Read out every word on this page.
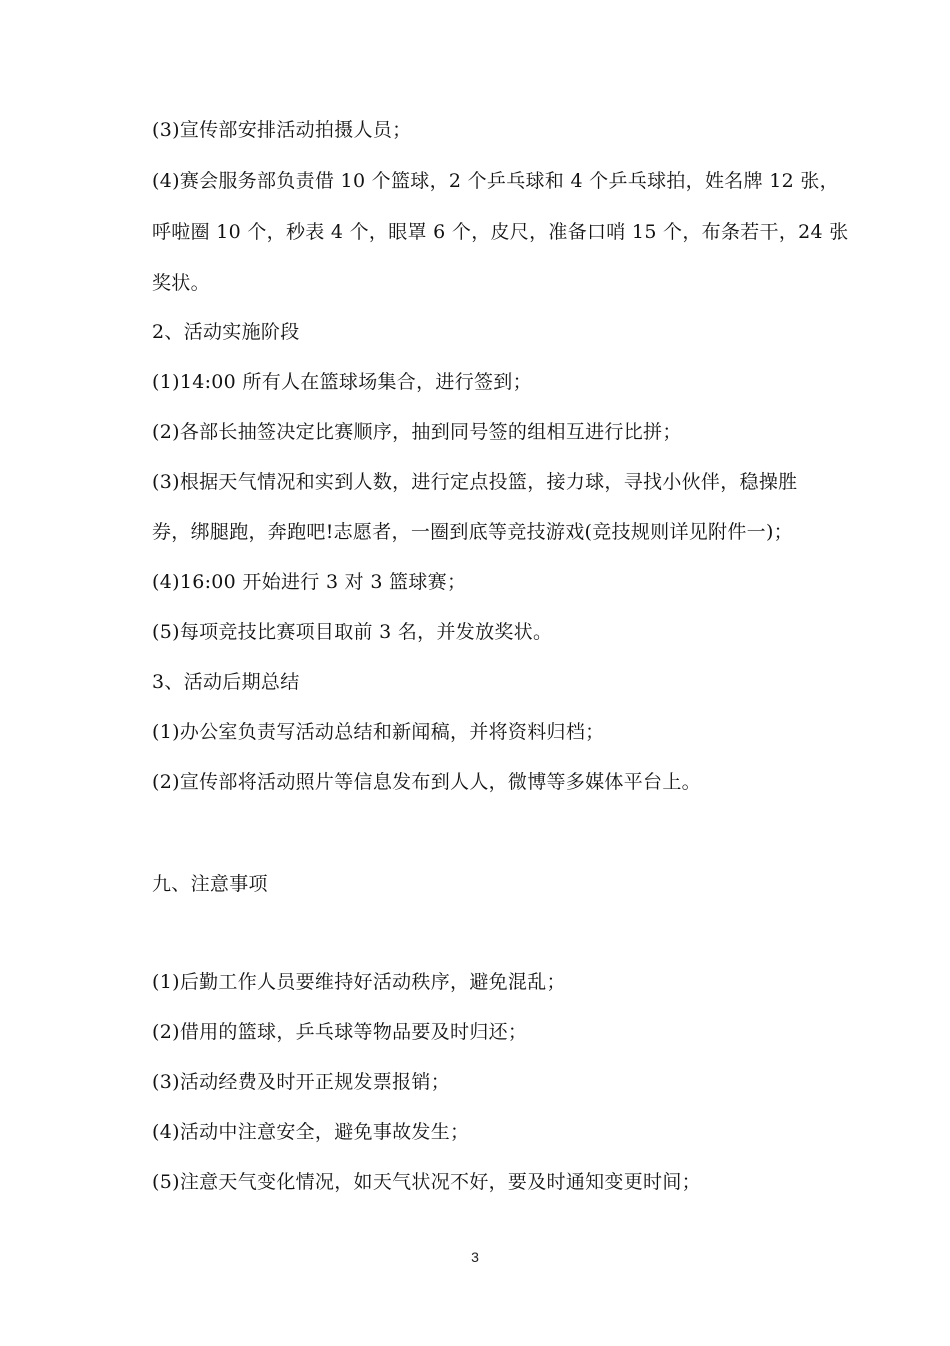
(3)宣传部安排活动拍摄人员；
(4)赛会服务部负责借 10 个篮球，2 个乒乓球和 4 个乒乓球拍，姓名牌 12 张，
呼啦圈 10 个，秒表 4 个，眼罩 6 个，皮尺，准备口哨 15 个，布条若干，24 张
奖状。
2、活动实施阶段
(1)14:00 所有人在篮球场集合，进行签到；
(2)各部长抽签决定比赛顺序，抽到同号签的组相互进行比拼；
(3)根据天气情况和实到人数，进行定点投篮，接力球，寻找小伙伴，稳操胜
券，绑腿跑，奔跑吧!志愿者，一圈到底等竞技游戏(竞技规则详见附件一)；
(4)16:00 开始进行 3 对 3 篮球赛；
(5)每项竞技比赛项目取前 3 名，并发放奖状。
3、活动后期总结
(1)办公室负责写活动总结和新闻稿，并将资料归档；
(2)宣传部将活动照片等信息发布到人人，微博等多媒体平台上。
九、注意事项
(1)后勤工作人员要维持好活动秩序，避免混乱；
(2)借用的篮球，乒乓球等物品要及时归还；
(3)活动经费及时开正规发票报销；
(4)活动中注意安全，避免事故发生；
(5)注意天气变化情况，如天气状况不好，要及时通知变更时间；
3
